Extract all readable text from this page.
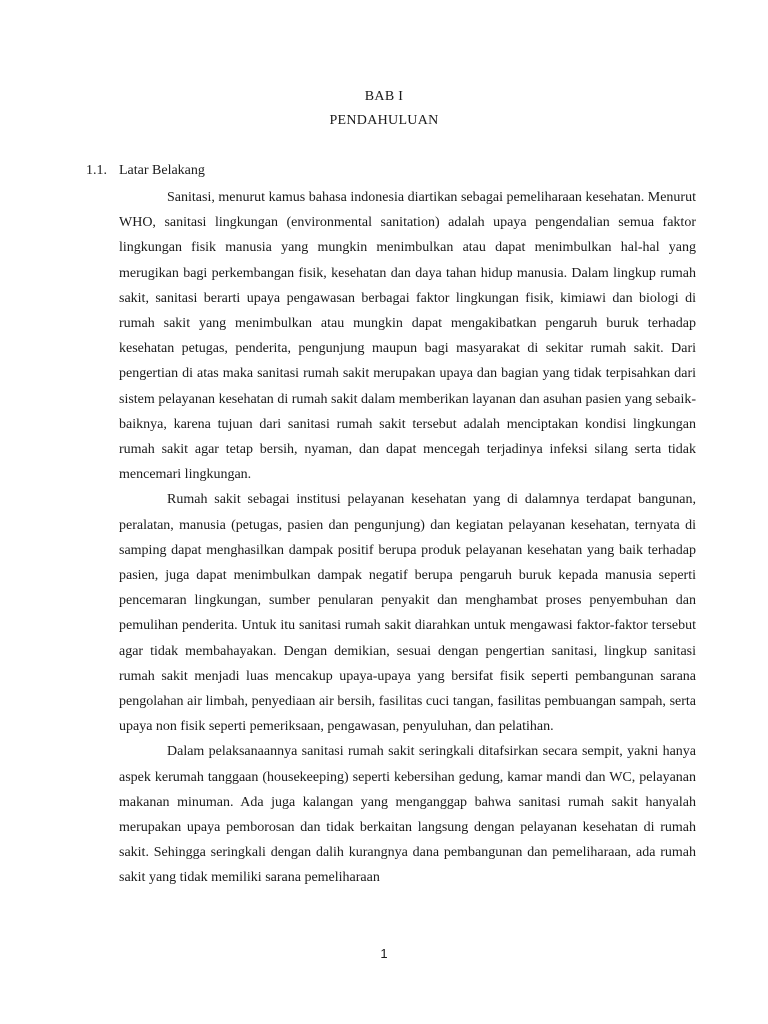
BAB I
PENDAHULUAN
1.1. Latar Belakang

Sanitasi, menurut kamus bahasa indonesia diartikan sebagai pemeliharaan kesehatan. Menurut WHO, sanitasi lingkungan (environmental sanitation) adalah upaya pengendalian semua faktor lingkungan fisik manusia yang mungkin menimbulkan atau dapat menimbulkan hal-hal yang merugikan bagi perkembangan fisik, kesehatan dan daya tahan hidup manusia. Dalam lingkup rumah sakit, sanitasi berarti upaya pengawasan berbagai faktor lingkungan fisik, kimiawi dan biologi di rumah sakit yang menimbulkan atau mungkin dapat mengakibatkan pengaruh buruk terhadap kesehatan petugas, penderita, pengunjung maupun bagi masyarakat di sekitar rumah sakit. Dari pengertian di atas maka sanitasi rumah sakit merupakan upaya dan bagian yang tidak terpisahkan dari sistem pelayanan kesehatan di rumah sakit dalam memberikan layanan dan asuhan pasien yang sebaik-baiknya, karena tujuan dari sanitasi rumah sakit tersebut adalah menciptakan kondisi lingkungan rumah sakit agar tetap bersih, nyaman, dan dapat mencegah terjadinya infeksi silang serta tidak mencemari lingkungan.

Rumah sakit sebagai institusi pelayanan kesehatan yang di dalamnya terdapat bangunan, peralatan, manusia (petugas, pasien dan pengunjung) dan kegiatan pelayanan kesehatan, ternyata di samping dapat menghasilkan dampak positif berupa produk pelayanan kesehatan yang baik terhadap pasien, juga dapat menimbulkan dampak negatif berupa pengaruh buruk kepada manusia seperti pencemaran lingkungan, sumber penularan penyakit dan menghambat proses penyembuhan dan pemulihan penderita. Untuk itu sanitasi rumah sakit diarahkan untuk mengawasi faktor-faktor tersebut agar tidak membahayakan. Dengan demikian, sesuai dengan pengertian sanitasi, lingkup sanitasi rumah sakit menjadi luas mencakup upaya-upaya yang bersifat fisik seperti pembangunan sarana pengolahan air limbah, penyediaan air bersih, fasilitas cuci tangan, fasilitas pembuangan sampah, serta upaya non fisik seperti pemeriksaan, pengawasan, penyuluhan, dan pelatihan.

Dalam pelaksanaannya sanitasi rumah sakit seringkali ditafsirkan secara sempit, yakni hanya aspek kerumah tanggaan (housekeeping) seperti kebersihan gedung, kamar mandi dan WC, pelayanan makanan minuman. Ada juga kalangan yang menganggap bahwa sanitasi rumah sakit hanyalah merupakan upaya pemborosan dan tidak berkaitan langsung dengan pelayanan kesehatan di rumah sakit. Sehingga seringkali dengan dalih kurangnya dana pembangunan dan pemeliharaan, ada rumah sakit yang tidak memiliki sarana pemeliharaan

1
